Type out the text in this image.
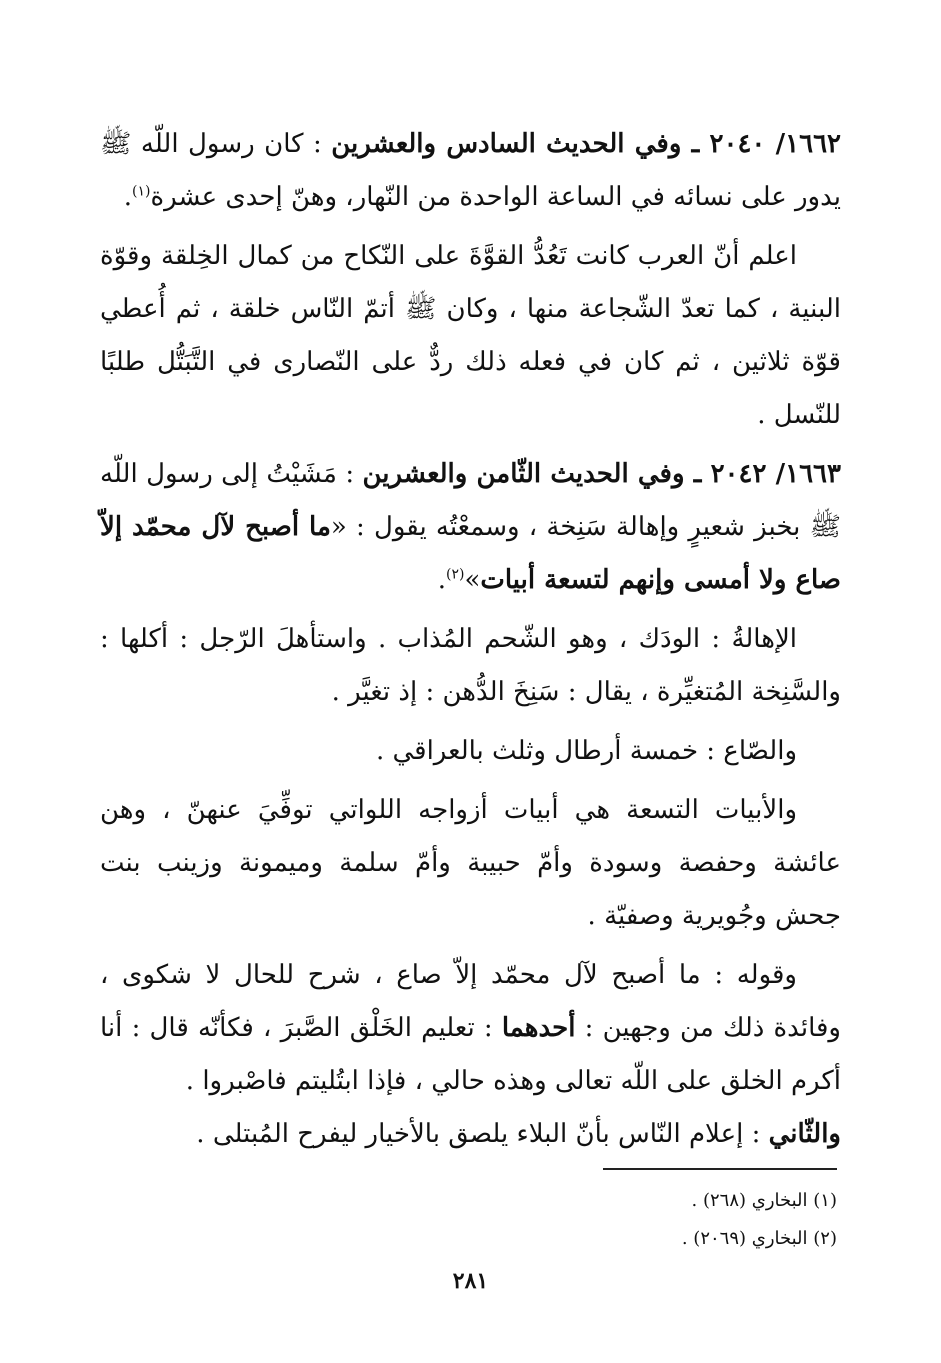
١٦٦٢/ ٢٠٤٠ ـ وفي الحديث السادس والعشرين : كان رسول اللّه ﷺ يدور على نسائه في الساعة الواحدة من النّهار، وهنّ إحدى عشرة$^{(١)}$.

اعلم أنّ العرب كانت تَعُدُّ القوَّةَ على النّكاح من كمال الخِلقة وقوّة البنية ، كما تعدّ الشّجاعة منها ، وكان ﷺ أتمّ النّاس خلقة ، ثم أُعطي قوّة ثلاثين ، ثم كان في فعله ذلك ردٌّ على النّصارى في التَّبَتُّل طلبًا للنّسل .

١٦٦٣/ ٢٠٤٢ ـ وفي الحديث الثّامن والعشرين : مَشَيْتُ إلى رسول اللّه ﷺ بخبز شعيرٍ وإهالة سَنِخة ، وسمعْتُه يقول : «ما أصبح لآل محمّد إلاّ صاع ولا أمسى وإنهم لتسعة أبيات»$^{(٢)}$.

الإهالةُ : الودَك ، وهو الشّحم المُذاب . واستأهلَ الرّجل : أكلها : والسَّنِخة المُتغيِّرة ، يقال : سَنِخَ الدُّهن : إذ تغيَّر .

والصّاع : خمسة أرطال وثلث بالعراقي .

والأبيات التسعة هي أبيات أزواجه اللواتي توفِّيَ عنهنّ ، وهن عائشة وحفصة وسودة وأمّ حبيبة وأمّ سلمة وميمونة وزينب بنت جحش وجُويرية وصفيّة .

وقوله : ما أصبح لآل محمّد إلاّ صاع ، شرح للحال لا شكوى ، وفائدة ذلك من وجهين : أحدهما : تعليم الخَلْق الصَّبرَ ، فكأنّه قال : أنا أكرم الخلق على اللّه تعالى وهذه حالي ، فإذا ابتُليتم فاصْبروا .
والثّاني : إعلام النّاس بأنّ البلاء يلصق بالأخيار ليفرح المُبتلى .

(١) البخاري (٢٦٨) .

(٢) البخاري (٢٠٦٩) .

٢٨١
